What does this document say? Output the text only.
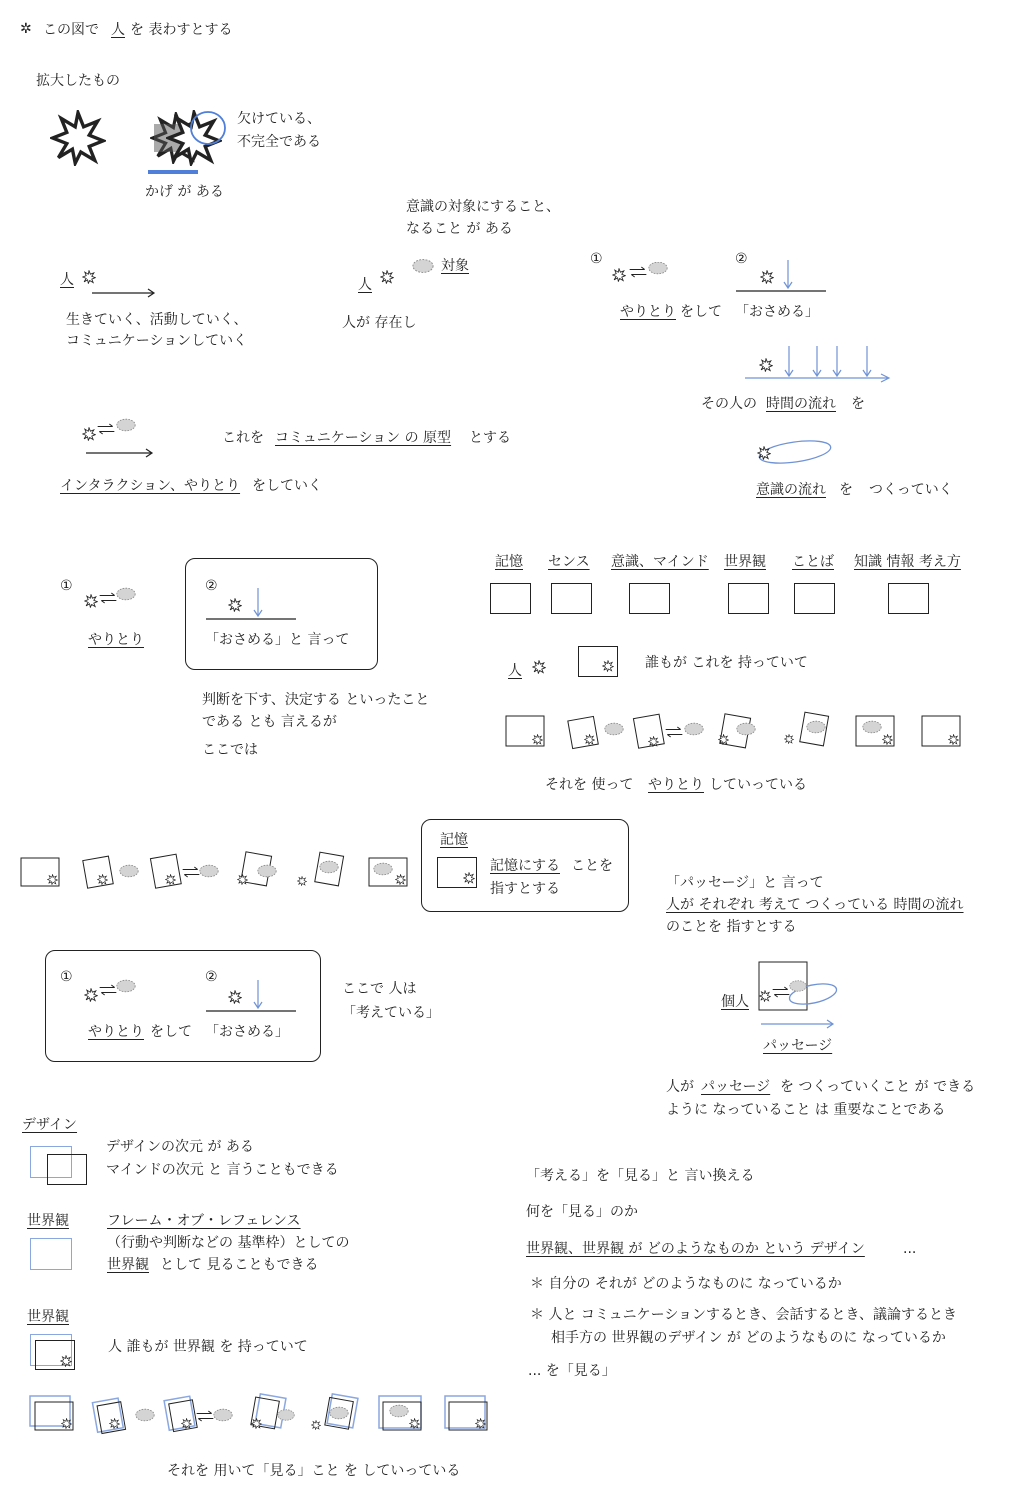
✲ この図で 人 を 表わすとする
拡大したもの
欠けている、
不完全である
かげ が ある
人
生きていく、活動していく、
コミュニケーションしていく
意識の対象にすること、
なること が ある
人
対象
人が 存在し
①	②
やりとり をして 「おさめる」
その人の 時間の流れ を
意識の流れ を つくっていく
これを コミュニケーション の 原型 とする
インタラクション、やりとり をしていく
①
やりとり
②
「おさめる」と 言って
判断を下す、決定する といったこと
である とも 言えるが
ここでは
記憶 センス 意識、マインド 世界観 ことば 知識 情報 考え方
人	誰もが これを 持っていて
それを 使って やりとり していっている
記憶
記憶にする ことを
指すとする	「パッセージ」と 言って
人が それぞれ 考えて つくっている 時間の流れ
のことを 指すとする
個人
パッセージ
人が パッセージ を つくっていくこと が できる
ように なっていること は 重要なことである
①	②
やりとり をして 「おさめる」
ここで 人は
「考えている」
デザイン
デザインの次元 が ある
マインドの次元 と 言うこともできる
世界観	フレーム・オブ・レフェレンス
（行動や判断などの 基準枠）としての
世界観 として 見ることもできる
世界観
人 誰もが 世界観 を 持っていて
それを 用いて「見る」こと を していっている
「考える」を「見る」と 言い換える
何を「見る」のか
世界観、世界観 が どのようなものか という デザイン	...
＊ 自分の それが どのようなものに なっているか
＊ 人と コミュニケーションするとき、会話するとき、議論するとき
相手方の 世界観のデザイン が どのようなものに なっているか
... を「見る」
